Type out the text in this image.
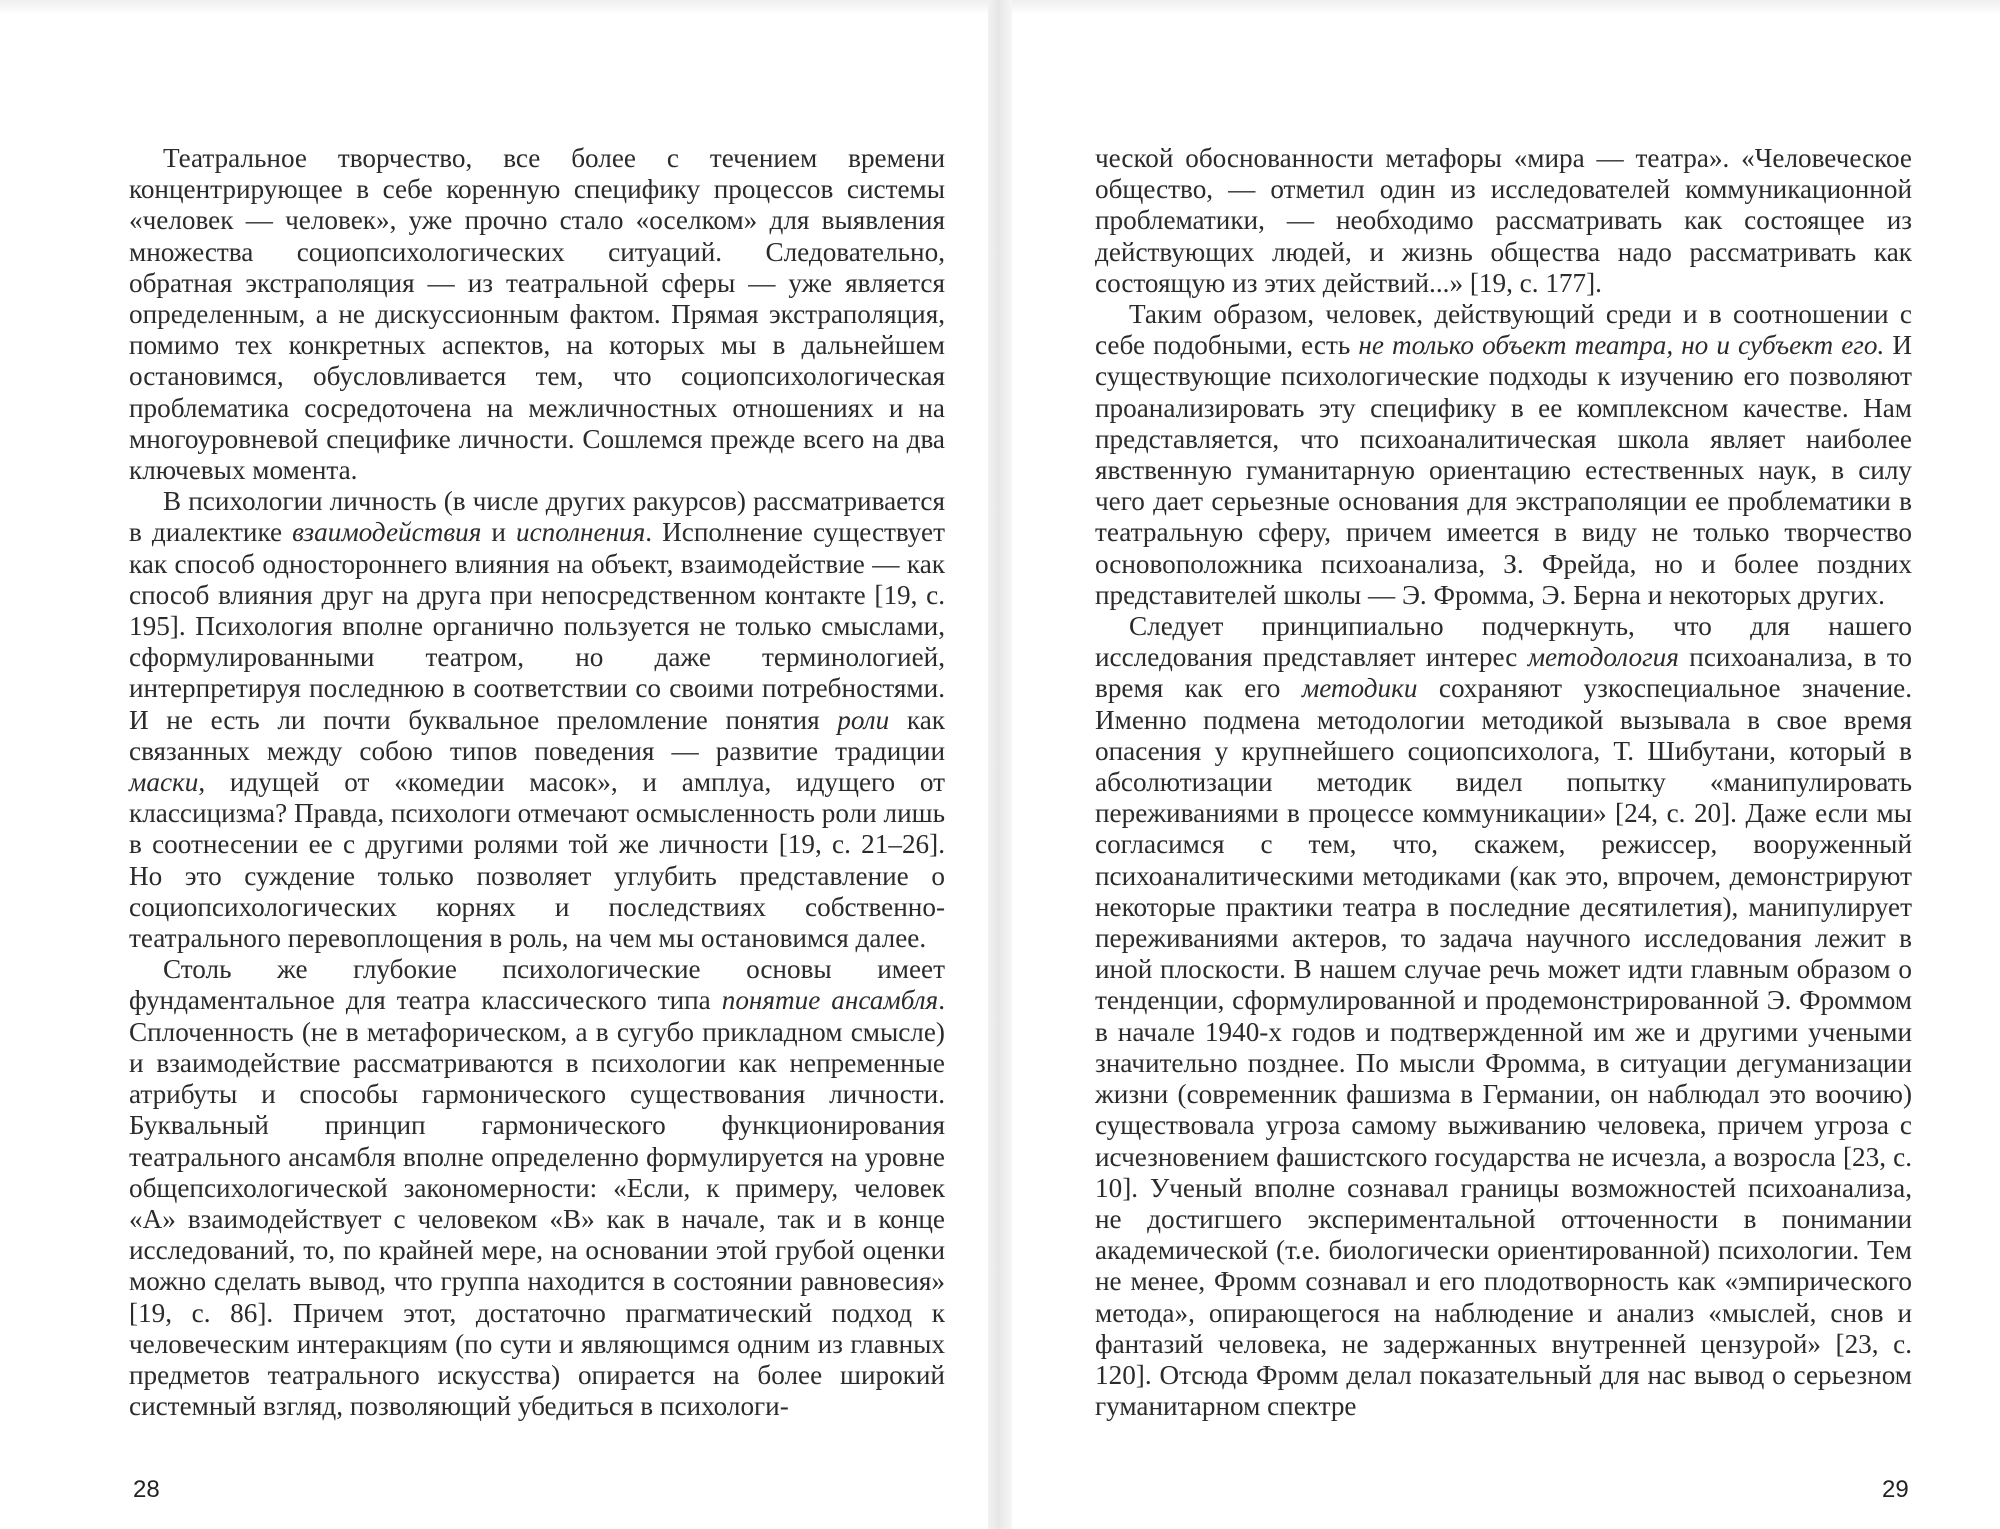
Театральное творчество, все более с течением времени концентрирующее в себе коренную специфику процессов системы «человек — человек», уже прочно стало «оселком» для выявления множества социопсихологических ситуаций. Следовательно, обратная экстраполяция — из театральной сферы — уже является определенным, а не дискуссионным фактом. Прямая экстраполяция, помимо тех конкретных аспектов, на которых мы в дальнейшем остановимся, обусловливается тем, что социопсихологическая проблематика сосредоточена на межличностных отношениях и на многоуровневой специфике личности. Сошлемся прежде всего на два ключевых момента.

В психологии личность (в числе других ракурсов) рассматривается в диалектике взаимодействия и исполнения. Исполнение существует как способ одностороннего влияния на объект, взаимодействие — как способ влияния друг на друга при непосредственном контакте [19, с. 195]. Психология вполне органично пользуется не только смыслами, сформулированными театром, но даже терминологией, интерпретируя последнюю в соответствии со своими потребностями. И не есть ли почти буквальное преломление понятия роли как связанных между собою типов поведения — развитие традиции маски, идущей от «комедии масок», и амплуа, идущего от классицизма? Правда, психологи отмечают осмысленность роли лишь в соотнесении ее с другими ролями той же личности [19, с. 21–26]. Но это суждение только позволяет углубить представление о социопсихологических корнях и последствиях собственно-театрального перевоплощения в роль, на чем мы остановимся далее.

Столь же глубокие психологические основы имеет фундаментальное для театра классического типа понятие ансамбля. Сплоченность (не в метафорическом, а в сугубо прикладном смысле) и взаимодействие рассматриваются в психологии как непременные атрибуты и способы гармонического существования личности. Буквальный принцип гармонического функционирования театрального ансамбля вполне определенно формулируется на уровне общепсихологической закономерности: «Если, к примеру, человек «А» взаимодействует с человеком «В» как в начале, так и в конце исследований, то, по крайней мере, на основании этой грубой оценки можно сделать вывод, что группа находится в состоянии равновесия» [19, с. 86]. Причем этот, достаточно прагматический подход к человеческим интеракциям (по сути и являющимся одним из главных предметов театрального искусства) опирается на более широкий системный взгляд, позволяющий убедиться в психологи-

28

ческой обоснованности метафоры «мира — театра». «Человеческое общество, — отметил один из исследователей коммуникационной проблематики, — необходимо рассматривать как состоящее из действующих людей, и жизнь общества надо рассматривать как состоящую из этих действий...» [19, с. 177].

Таким образом, человек, действующий среди и в соотношении с себе подобными, есть не только объект театра, но и субъект его. И существующие психологические подходы к изучению его позволяют проанализировать эту специфику в ее комплексном качестве. Нам представляется, что психоаналитическая школа являет наиболее явственную гуманитарную ориентацию естественных наук, в силу чего дает серьезные основания для экстраполяции ее проблематики в театральную сферу, причем имеется в виду не только творчество основоположника психоанализа, З. Фрейда, но и более поздних представителей школы — Э. Фромма, Э. Берна и некоторых других.

Следует принципиально подчеркнуть, что для нашего исследования представляет интерес методология психоанализа, в то время как его методики сохраняют узкоспециальное значение. Именно подмена методологии методикой вызывала в свое время опасения у крупнейшего социопсихолога, Т. Шибутани, который в абсолютизации методик видел попытку «манипулировать переживаниями в процессе коммуникации» [24, с. 20]. Даже если мы согласимся с тем, что, скажем, режиссер, вооруженный психоаналитическими методиками (как это, впрочем, демонстрируют некоторые практики театра в последние десятилетия), манипулирует переживаниями актеров, то задача научного исследования лежит в иной плоскости. В нашем случае речь может идти главным образом о тенденции, сформулированной и продемонстрированной Э. Фроммом в начале 1940-х годов и подтвержденной им же и другими учеными значительно позднее. По мысли Фромма, в ситуации дегуманизации жизни (современник фашизма в Германии, он наблюдал это воочию) существовала угроза самому выживанию человека, причем угроза с исчезновением фашистского государства не исчезла, а возросла [23, с. 10]. Ученый вполне сознавал границы возможностей психоанализа, не достигшего экспериментальной отточенности в понимании академической (т.е. биологически ориентированной) психологии. Тем не менее, Фромм сознавал и его плодотворность как «эмпирического метода», опирающегося на наблюдение и анализ «мыслей, снов и фантазий человека, не задержанных внутренней цензурой» [23, с. 120]. Отсюда Фромм делал показательный для нас вывод о серьезном гуманитарном спектре

29
